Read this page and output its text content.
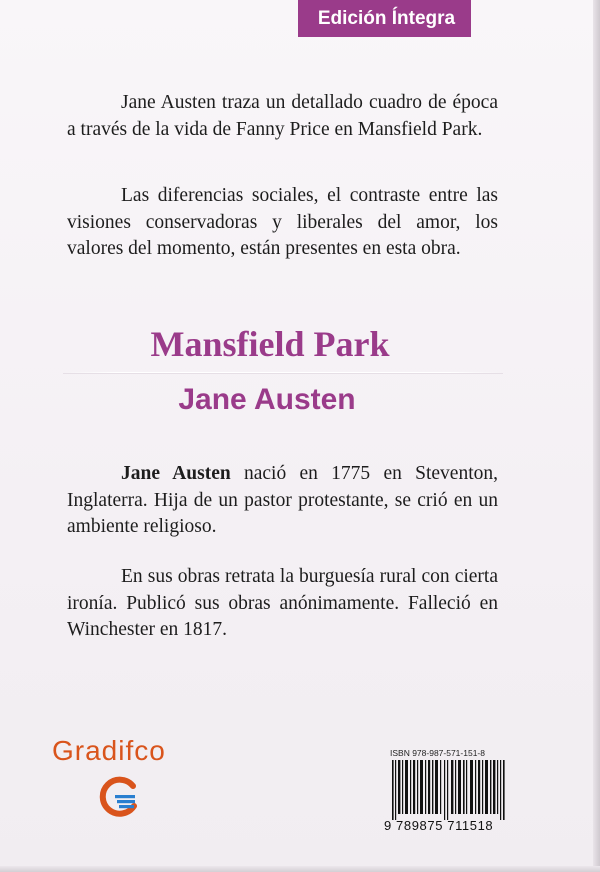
Edición Íntegra

Jane Austen traza un detallado cuadro de época a través de la vida de Fanny Price en Mansfield Park.

Las diferencias sociales, el contraste entre las visiones conservadoras y liberales del amor, los valores del momento, están presentes en esta obra.

Mansfield Park
Jane Austen

Jane Austen nació en 1775 en Steventon, Inglaterra. Hija de un pastor protestante, se crió en un ambiente religioso.

En sus obras retrata la burguesía rural con cierta ironía. Publicó sus obras anónimamente. Falleció en Winchester en 1817.

Gradifco	ISBN 978-987-571-151-8
9 789875 711518
